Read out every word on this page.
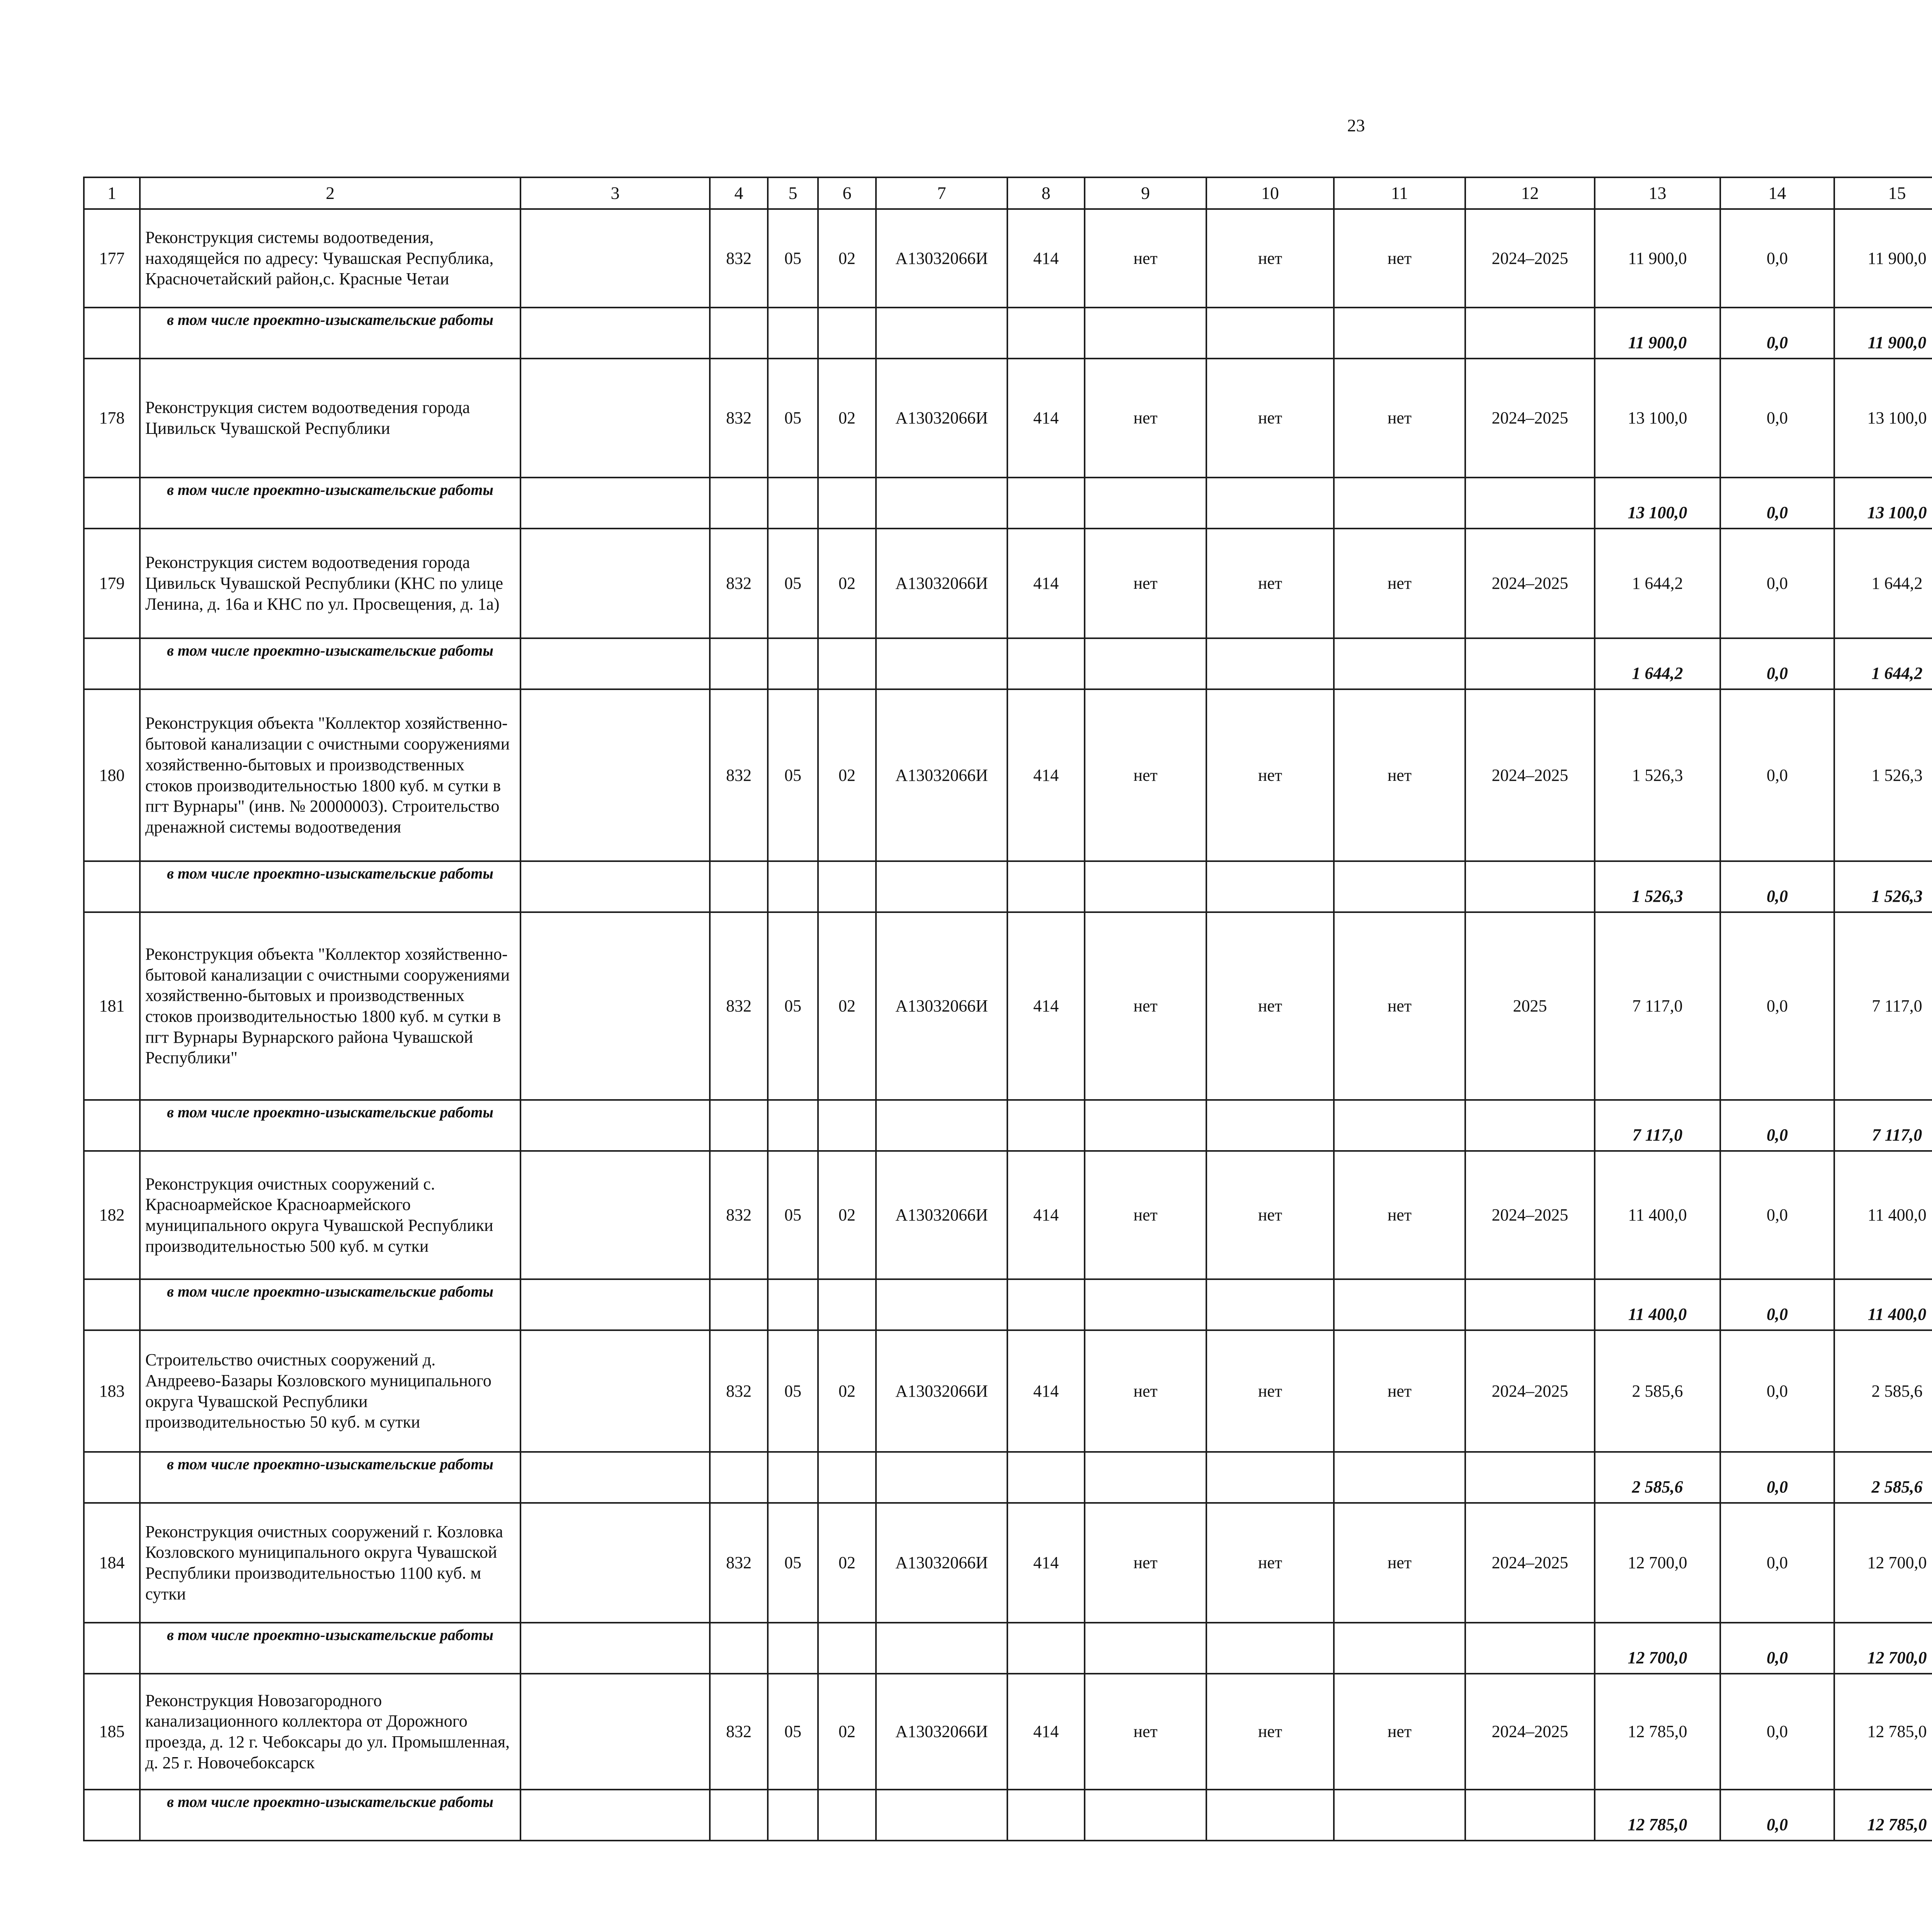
23
1	2	3	4	5	6	7	8	9	10	11	12	13	14	15						
177	Реконструкция системы водоотведения, находящейся по адресу: Чувашская Республика, Красночетайский район,с. Красные Четаи		832	05	02	А13032066И	414	нет	нет	нет	2024–2025	11 900,0	0,0	11 900,0						
	в том числе проектно-изыскательские работы											11 900,0	0,0	11 900,0						
178	Реконструкция систем водоотведения города Цивильск Чувашской Республики		832	05	02	А13032066И	414	нет	нет	нет	2024–2025	13 100,0	0,0	13 100,0						
	в том числе проектно-изыскательские работы											13 100,0	0,0	13 100,0						
179	Реконструкция систем водоотведения города Цивильск Чувашской Республики (КНС по улице Ленина, д. 16а и КНС по ул. Просвещения, д. 1а)		832	05	02	А13032066И	414	нет	нет	нет	2024–2025	1 644,2	0,0	1 644,2						
	в том числе проектно-изыскательские работы											1 644,2	0,0	1 644,2						
180	Реконструкция объекта "Коллектор хозяйственно-бытовой канализации с очистными сооружениями хозяйственно-бытовых и производственных стоков производительностью 1800 куб. м сутки в пгт Вурнары" (инв. № 20000003). Строительство дренажной системы водоотведения		832	05	02	А13032066И	414	нет	нет	нет	2024–2025	1 526,3	0,0	1 526,3						
	в том числе проектно-изыскательские работы											1 526,3	0,0	1 526,3						
181	Реконструкция объекта "Коллектор хозяйственно-бытовой канализации с очистными сооружениями хозяйственно-бытовых и производственных стоков производительностью 1800 куб. м сутки в пгт Вурнары Вурнарского района Чувашской Республики"		832	05	02	А13032066И	414	нет	нет	нет	2025	7 117,0	0,0	7 117,0						
	в том числе проектно-изыскательские работы											7 117,0	0,0	7 117,0						
182	Реконструкция очистных сооружений с. Красноармейское Красноармейского муниципального округа Чувашской Республики производительностью 500 куб. м сутки		832	05	02	А13032066И	414	нет	нет	нет	2024–2025	11 400,0	0,0	11 400,0						
	в том числе проектно-изыскательские работы											11 400,0	0,0	11 400,0						
183	Строительство очистных сооружений д. Андреево-Базары Козловского муниципального округа Чувашской Республики производительностью 50 куб. м сутки		832	05	02	А13032066И	414	нет	нет	нет	2024–2025	2 585,6	0,0	2 585,6						
	в том числе проектно-изыскательские работы											2 585,6	0,0	2 585,6						
184	Реконструкция очистных сооружений г. Козловка Козловского муниципального округа Чувашской Республики производительностью 1100 куб. м сутки		832	05	02	А13032066И	414	нет	нет	нет	2024–2025	12 700,0	0,0	12 700,0						
	в том числе проектно-изыскательские работы											12 700,0	0,0	12 700,0						
185	Реконструкция Новозагородного канализационного коллектора от Дорожного проезда, д. 12 г. Чебоксары до ул. Промышленная, д. 25 г. Новочебоксарск		832	05	02	А13032066И	414	нет	нет	нет	2024–2025	12 785,0	0,0	12 785,0						
	в том числе проектно-изыскательские работы											12 785,0	0,0	12 785,0						
